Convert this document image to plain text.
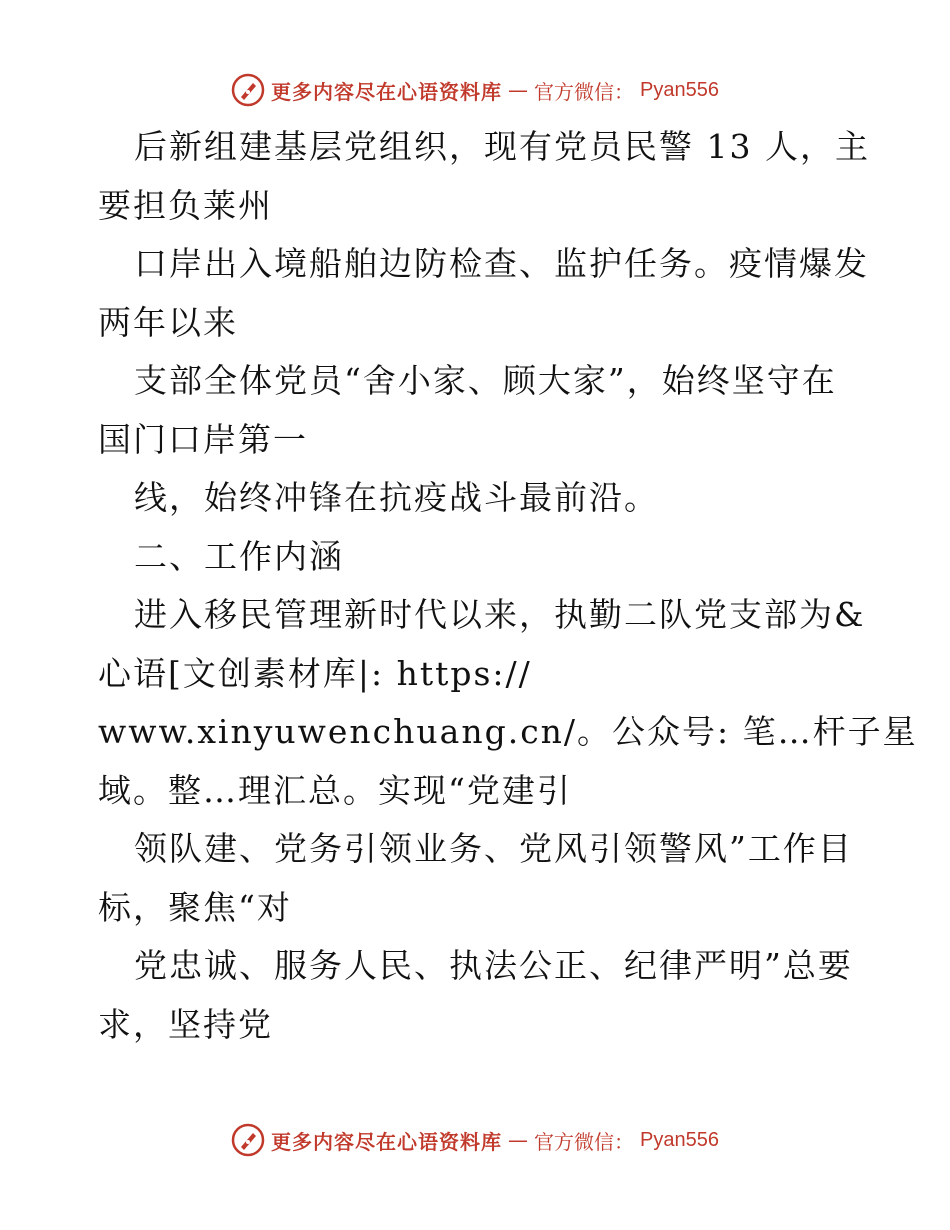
更多内容尽在心语资料库 — 官方微信： Pyan556
后新组建基层党组织，现有党员民警 13 人，主
要担负莱州
口岸出入境船舶边防检查、监护任务。疫情爆发
两年以来
支部全体党员“舍小家、顾大家”，始终坚守在
国门口岸第一
线，始终冲锋在抗疫战斗最前沿。
二、工作内涵
进入移民管理新时代以来，执勤二队党支部为&
心语[文创素材库|: https://
www.xinyuwenchuang.cn/。公众号: 笔…杆子星
域。整…理汇总。实现“党建引
领队建、党务引领业务、党风引领警风”工作目
标，聚焦“对
党忠诚、服务人民、执法公正、纪律严明”总要
求，坚持党
更多内容尽在心语资料库 — 官方微信： Pyan556
